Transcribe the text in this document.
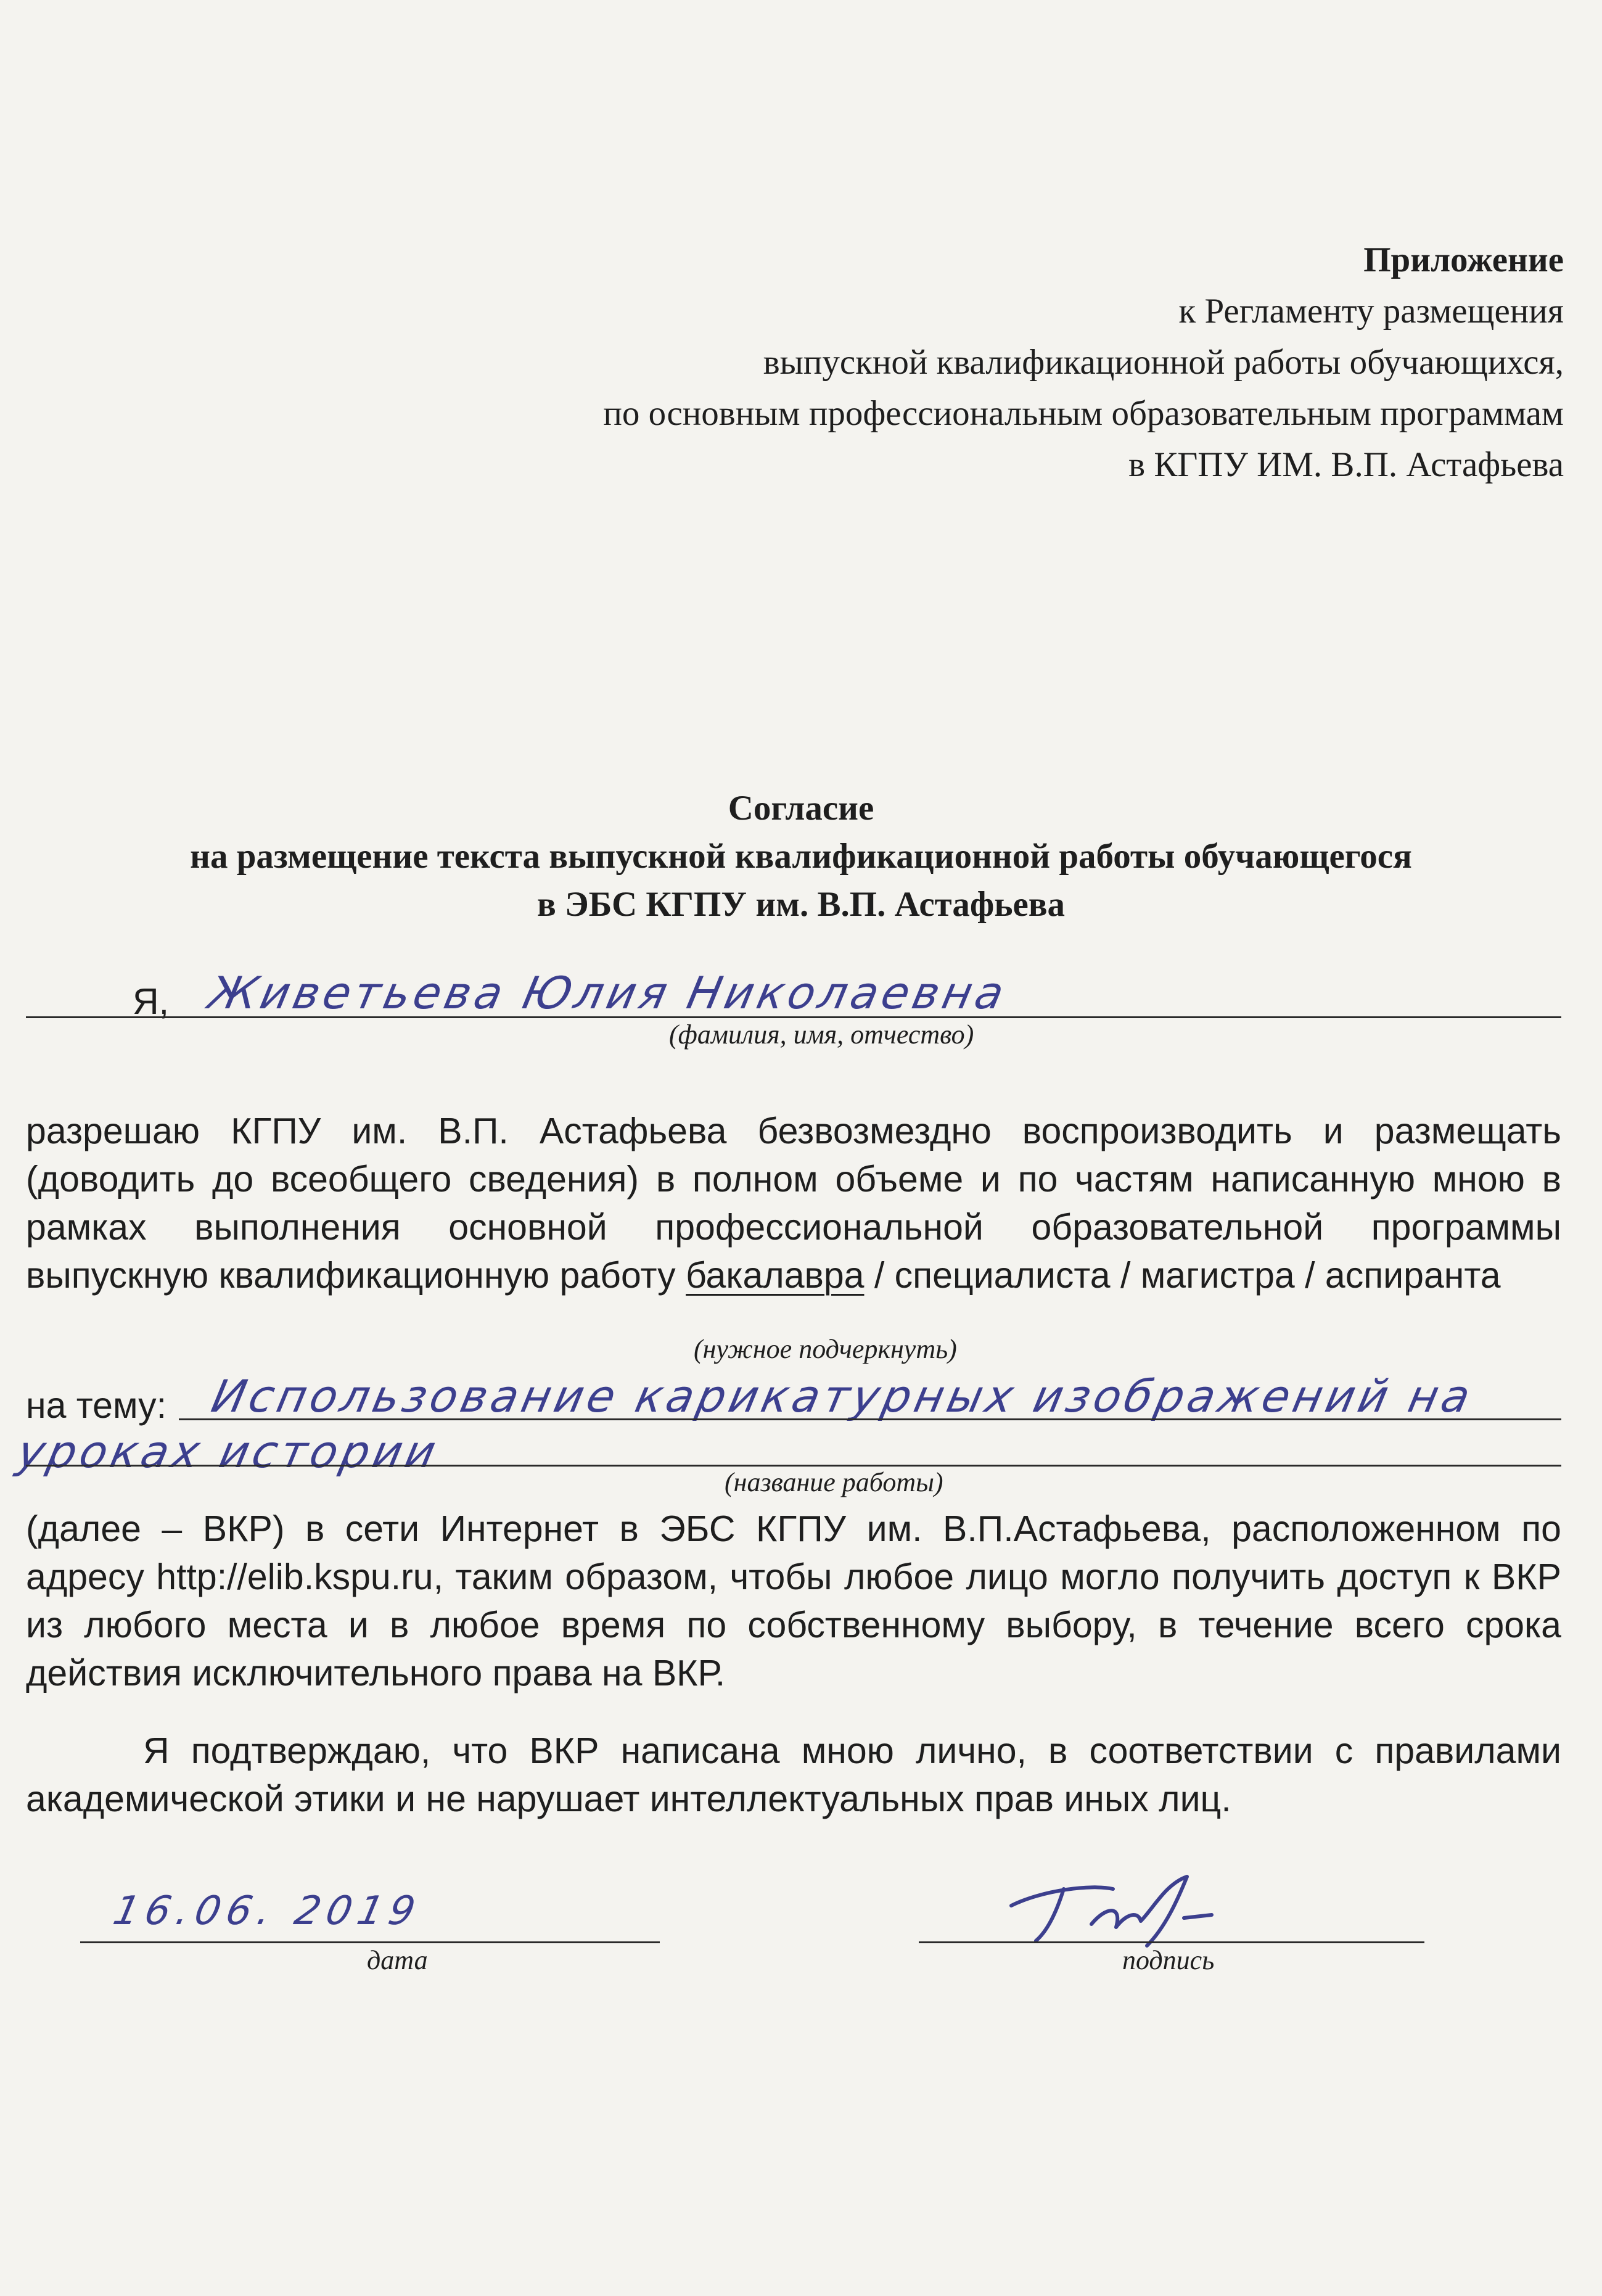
Приложение
к Регламенту размещения
выпускной квалификационной работы обучающихся,
по основным профессиональным образовательным программам
в КГПУ ИМ. В.П. Астафьева
Согласие
на размещение текста выпускной квалификационной работы обучающегося
в ЭБС КГПУ им. В.П. Астафьева
Я, Живетьева Юлия Николаевна
(фамилия, имя, отчество)
разрешаю КГПУ им. В.П. Астафьева безвозмездно воспроизводить и размещать (доводить до всеобщего сведения) в полном объеме и по частям написанную мною в рамках выполнения основной профессиональной образовательной программы выпускную квалификационную работу бакалавра / специалиста / магистра / аспиранта
(нужное подчеркнуть)
на тему: Использование карикатурных изображений на
уроках истории
(название работы)
(далее – ВКР) в сети Интернет в ЭБС КГПУ им. В.П.Астафьева, расположенном по адресу http://elib.kspu.ru, таким образом, чтобы любое лицо могло получить доступ к ВКР из любого места и в любое время по собственному выбору, в течение всего срока действия исключительного права на ВКР.
Я подтверждаю, что ВКР написана мною лично, в соответствии с правилами академической этики и не нарушает интеллектуальных прав иных лиц.
16.06. 2019
дата	подпись
